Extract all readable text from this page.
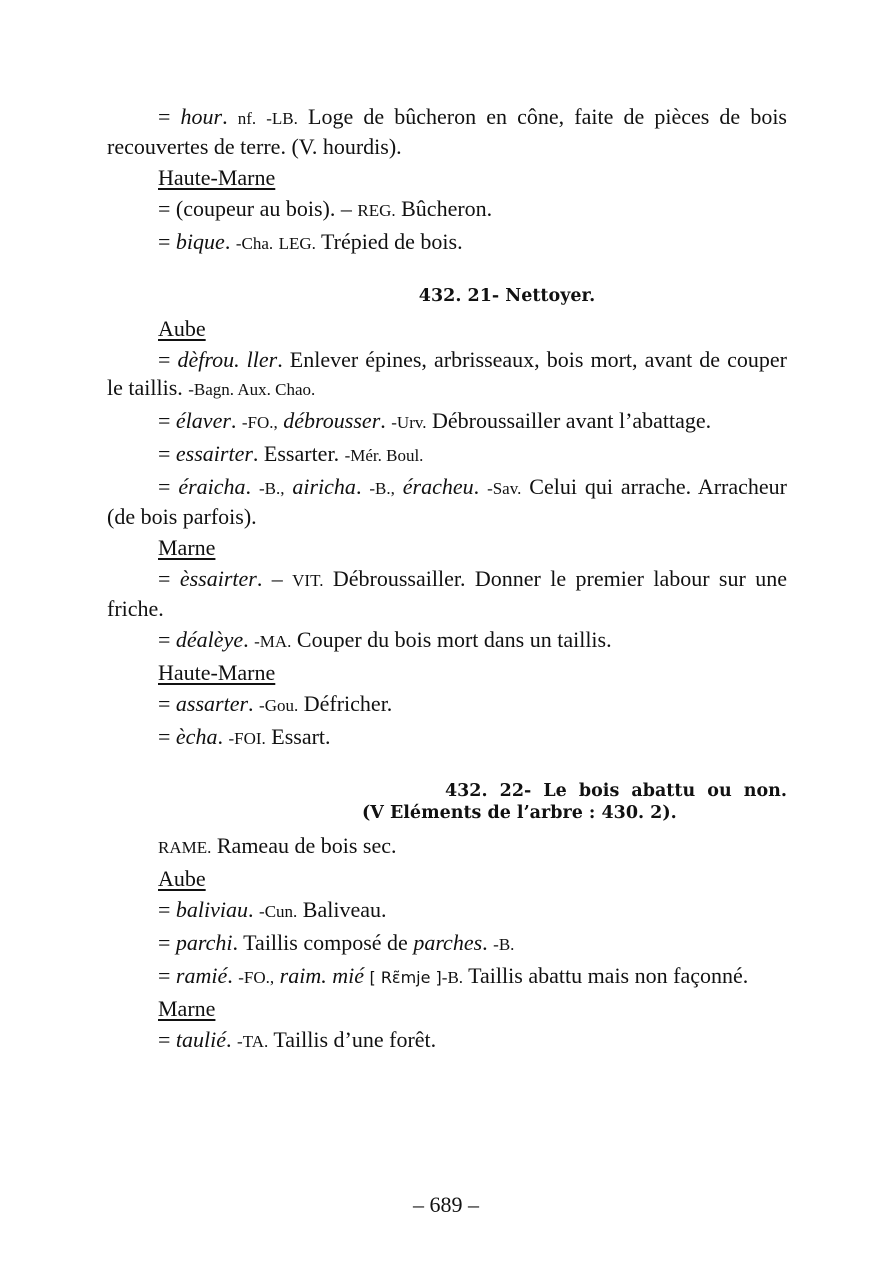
= hour. nf. -LB. Loge de bûcheron en cône, faite de pièces de bois recouvertes de terre. (V. hourdis).

Haute-Marne

= (coupeur au bois). – REG. Bûcheron.

= bique. -Cha. LEG. Trépied de bois.

432. 21- Nettoyer.

Aube

= dèfrou. ller. Enlever épines, arbrisseaux, bois mort, avant de couper le taillis. -Bagn. Aux. Chao.

= élaver. -FO., débrousser. -Urv. Débroussailler avant l’abattage.

= essairter. Essarter. -Mér. Boul.

= éraicha. -B., airicha. -B., éracheu. -Sav. Celui qui arrache. Arracheur (de bois parfois).

Marne

= èssairter. – VIT. Débroussailler. Donner le premier labour sur une friche.

= déalèye. -MA. Couper du bois mort dans un taillis.

Haute-Marne

= assarter. -Gou. Défricher.

= ècha. -FOI. Essart.

432. 22- Le bois abattu ou non.

(V Eléments de l’arbre : 430. 2).

RAME. Rameau de bois sec.

Aube

= baliviau. -Cun. Baliveau.

= parchi. Taillis composé de parches. -B.

= ramié. -FO., raim. mié [ Rɛ̃mje ]-B. Taillis abattu mais non façonné.

Marne

= taulié. -TA. Taillis d’une forêt.

– 689 –
